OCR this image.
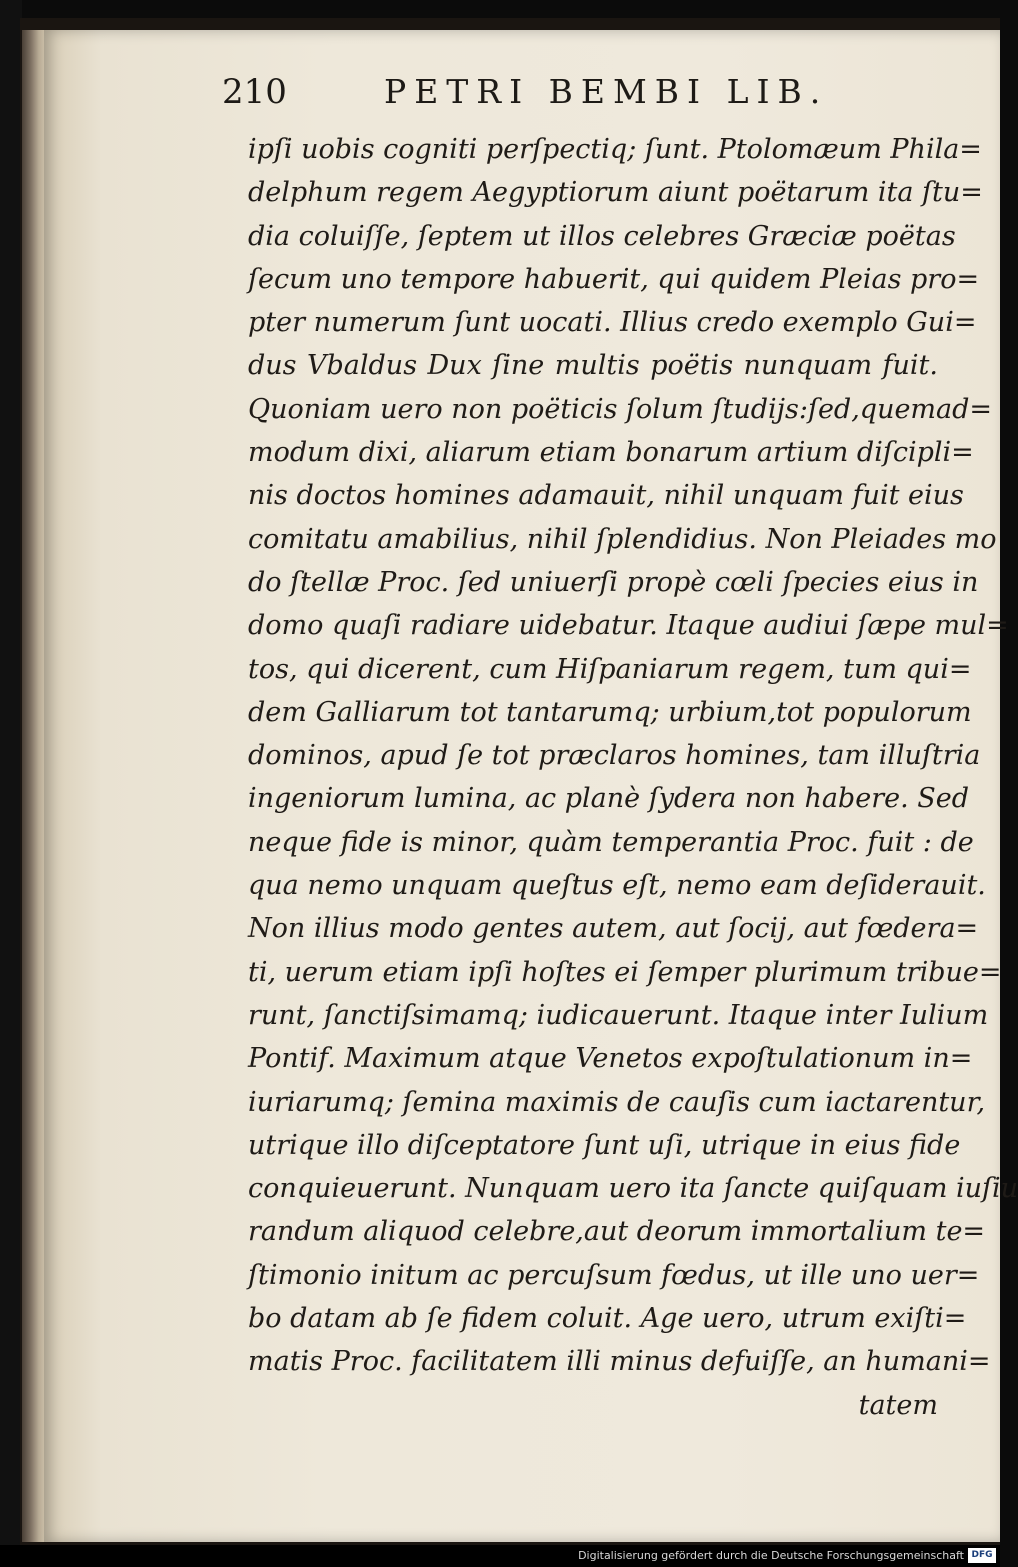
210	PETRI BEMBI LIB.
ipſi uobis cogniti perſpectiq; ſunt. Ptolomæum Phila=
delphum regem Aegyptiorum aiunt poëtarum ita ſtu=
dia coluiſſe, ſeptem ut illos celebres Græciæ poëtas
ſecum uno tempore habuerit, qui quidem Pleias pro=
pter numerum ſunt uocati. Illius credo exemplo Gui=
dus Vbaldus Dux ſine multis poëtis nunquam fuit.
Quoniam uero non poëticis ſolum ſtudijs:ſed,quemad=
modum dixi, aliarum etiam bonarum artium diſcipli=
nis doctos homines adamauit, nihil unquam fuit eius
comitatu amabilius, nihil ſplendidius. Non Pleiades mo
do ſtellæ Proc. ſed uniuerſi propè cœli ſpecies eius in
domo quaſi radiare uidebatur. Itaque audiui ſæpe mul=
tos, qui dicerent, cum Hiſpaniarum regem, tum qui=
dem Galliarum tot tantarumq; urbium,tot populorum
dominos, apud ſe tot præclaros homines, tam illuſtria
ingeniorum lumina, ac planè ſydera non habere. Sed
neque fide is minor, quàm temperantia Proc. fuit : de
qua nemo unquam queſtus eſt, nemo eam deſiderauit.
Non illius modo gentes autem, aut ſocij, aut fœdera=
ti, uerum etiam ipſi hoſtes ei ſemper plurimum tribue=
runt, ſanctiſsimamq; iudicauerunt. Itaque inter Iulium
Pontif. Maximum atque Venetos expoſtulationum in=
iuriarumq; ſemina maximis de cauſis cum iactarentur,
utrique illo diſceptatore ſunt uſi, utrique in eius fide
conquieuerunt. Nunquam uero ita ſancte quiſquam iuſiu
randum aliquod celebre,aut deorum immortalium te=
ſtimonio initum ac percuſsum fœdus, ut ille uno uer=
bo datam ab ſe fidem coluit. Age uero, utrum exiſti=
matis Proc. facilitatem illi minus defuiſſe, an humani=
tatem
Digitalisierung gefördert durch die Deutsche Forschungsgemeinschaft DFG
